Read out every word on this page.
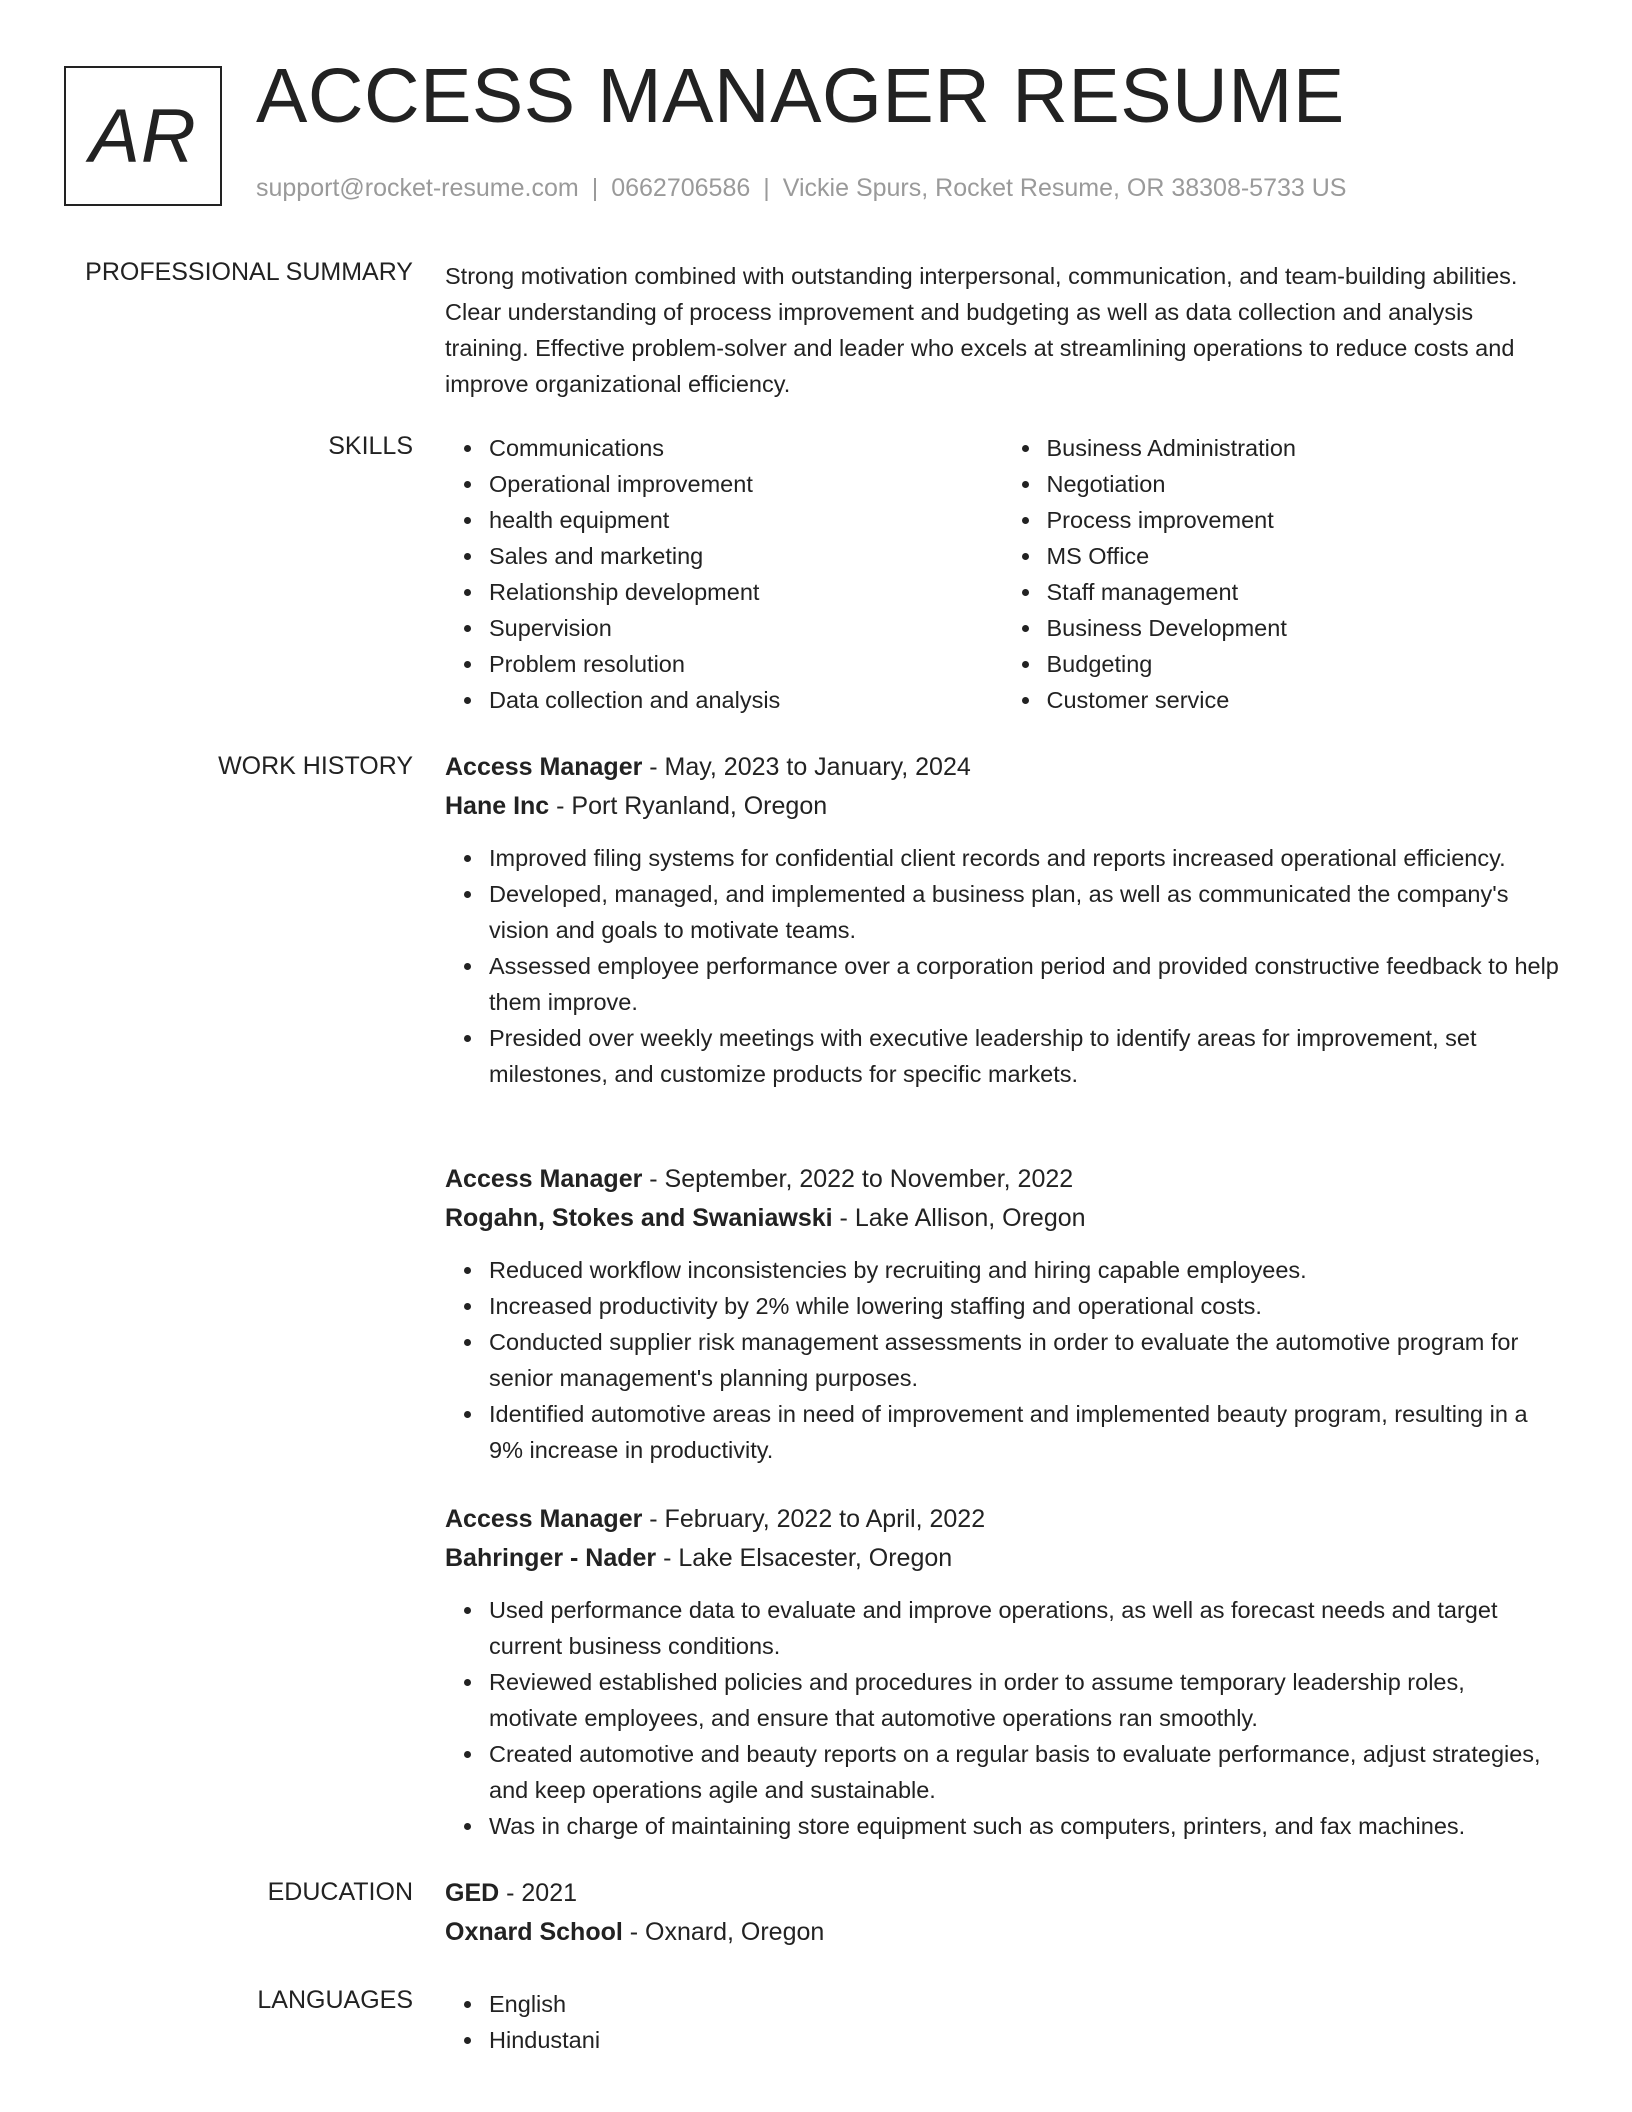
AR ACCESS MANAGER RESUME
support@rocket-resume.com | 0662706586 | Vickie Spurs, Rocket Resume, OR 38308-5733 US
PROFESSIONAL SUMMARY Strong motivation combined with outstanding interpersonal, communication, and team-building abilities. Clear understanding of process improvement and budgeting as well as data collection and analysis training. Effective problem-solver and leader who excels at streamlining operations to reduce costs and improve organizational efficiency.
SKILLS	Communications
Operational improvement
health equipment
Sales and marketing
Relationship development
Supervision
Problem resolution
Data collection and analysis
Business Administration
Negotiation
Process improvement
MS Office
Staff management
Business Development
Budgeting
Customer service
WORK HISTORY Access Manager - May, 2023 to January, 2024
Hane Inc - Port Ryanland, Oregon
Improved filing systems for confidential client records and reports increased operational efficiency.
Developed, managed, and implemented a business plan, as well as communicated the company's vision and goals to motivate teams.
Assessed employee performance over a corporation period and provided constructive feedback to help them improve.
Presided over weekly meetings with executive leadership to identify areas for improvement, set milestones, and customize products for specific markets.
Access Manager - September, 2022 to November, 2022
Rogahn, Stokes and Swaniawski - Lake Allison, Oregon
Reduced workflow inconsistencies by recruiting and hiring capable employees.
Increased productivity by 2% while lowering staffing and operational costs.
Conducted supplier risk management assessments in order to evaluate the automotive program for senior management's planning purposes.
Identified automotive areas in need of improvement and implemented beauty program, resulting in a 9% increase in productivity.
Access Manager - February, 2022 to April, 2022
Bahringer - Nader - Lake Elsacester, Oregon
Used performance data to evaluate and improve operations, as well as forecast needs and target current business conditions.
Reviewed established policies and procedures in order to assume temporary leadership roles, motivate employees, and ensure that automotive operations ran smoothly.
Created automotive and beauty reports on a regular basis to evaluate performance, adjust strategies, and keep operations agile and sustainable.
Was in charge of maintaining store equipment such as computers, printers, and fax machines.
EDUCATION GED - 2021
Oxnard School - Oxnard, Oregon
LANGUAGES	English
Hindustani
